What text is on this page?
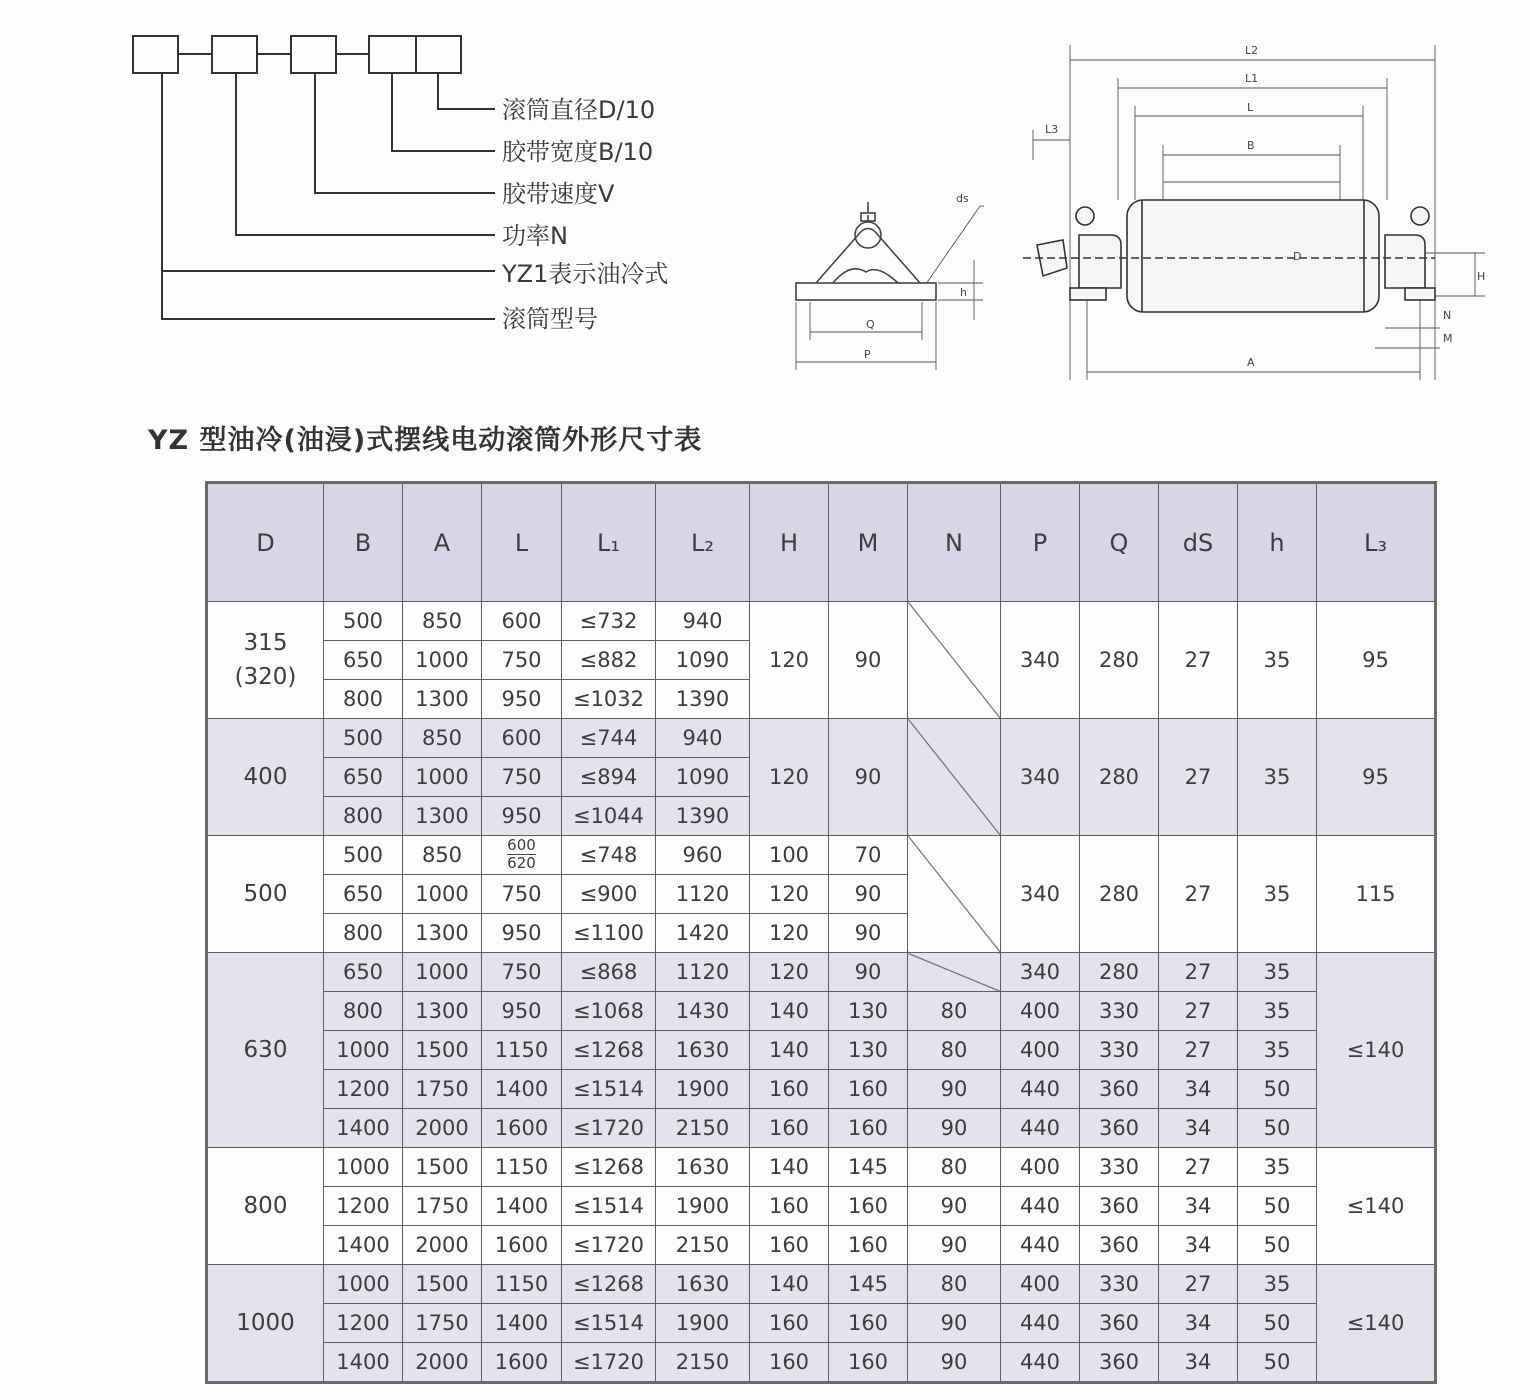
滚筒直径D/10
胶带宽度B/10
胶带速度V
功率N
YZ1表示油冷式
滚筒型号
ds
h
Q
P
L2
L1
L
L3
B
D
H
N
M
A
YZ 型油冷(油浸)式摆线电动滚筒外形尺寸表
D	B	A	L	L₁	L₂	H	M	N	P	Q	dS	h	L₃
315
(320)	500	850	600	≤732	940	120	90		340	280	27	35	95
	650	1000	750	≤882	1090								
	800	1300	950	≤1032	1390								
400	500	850	600	≤744	940	120	90		340	280	27	35	95
	650	1000	750	≤894	1090								
	800	1300	950	≤1044	1390								
500	500	850	$\frac{600}{620}$	≤748	960	100	70		340	280	27	35	115
	650	1000	750	≤900	1120	120	90						
	800	1300	950	≤1100	1420	120	90						
630	650	1000	750	≤868	1120	120	90		340	280	27	35	≤140
	800	1300	950	≤1068	1430	140	130	80	400	330	27	35	
	1000	1500	1150	≤1268	1630	140	130	80	400	330	27	35	
	1200	1750	1400	≤1514	1900	160	160	90	440	360	34	50	
	1400	2000	1600	≤1720	2150	160	160	90	440	360	34	50	
800	1000	1500	1150	≤1268	1630	140	145	80	400	330	27	35	≤140
	1200	1750	1400	≤1514	1900	160	160	90	440	360	34	50	
	1400	2000	1600	≤1720	2150	160	160	90	440	360	34	50	
1000	1000	1500	1150	≤1268	1630	140	145	80	400	330	27	35	≤140
	1200	1750	1400	≤1514	1900	160	160	90	440	360	34	50	
	1400	2000	1600	≤1720	2150	160	160	90	440	360	34	50	
